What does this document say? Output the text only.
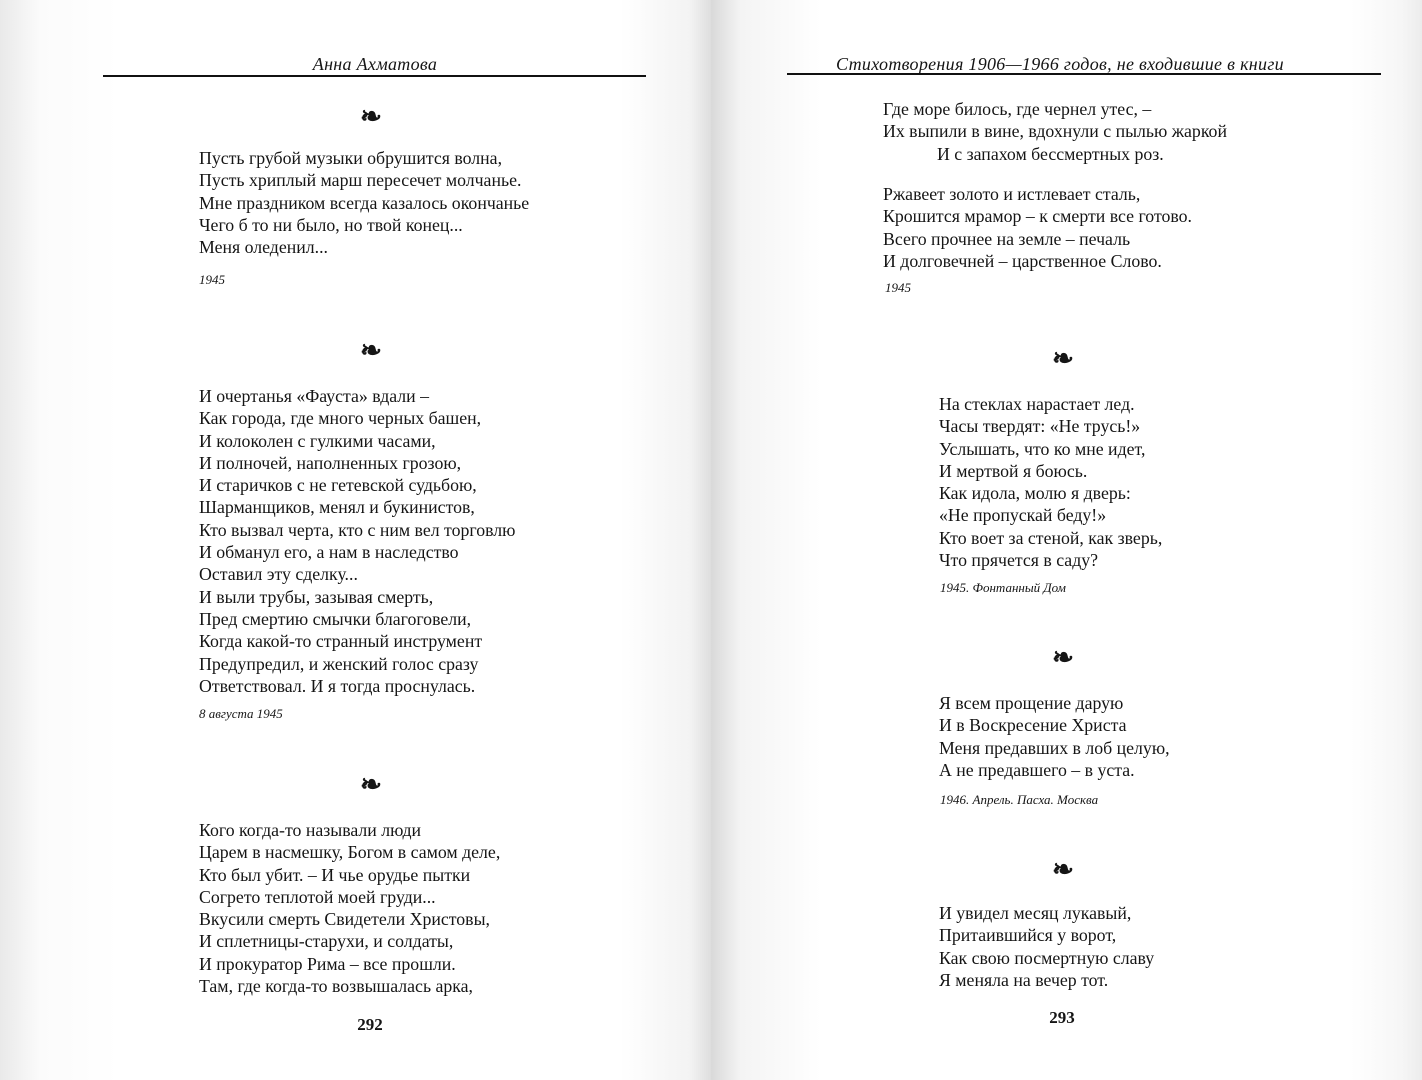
Анна Ахматова
❧
Пусть грубой музыки обрушится волна,
Пусть хриплый марш пересечет молчанье.
Мне праздником всегда казалось окончанье
Чего б то ни было, но твой конец...
Меня оледенил...
1945
❧
И очертанья «Фауста» вдали –
Как города, где много черных башен,
И колоколен с гулкими часами,
И полночей, наполненных грозою,
И старичков с не гетевской судьбою,
Шарманщиков, менял и букинистов,
Кто вызвал черта, кто с ним вел торговлю
И обманул его, а нам в наследство
Оставил эту сделку...
И выли трубы, зазывая смерть,
Пред смертию смычки благоговели,
Когда какой-то странный инструмент
Предупредил, и женский голос сразу
Ответствовал. И я тогда проснулась.
8 августа 1945
❧
Кого когда-то называли люди
Царем в насмешку, Богом в самом деле,
Кто был убит. – И чье орудье пытки
Согрето теплотой моей груди...
Вкусили смерть Свидетели Христовы,
И сплетницы-старухи, и солдаты,
И прокуратор Рима – все прошли.
Там, где когда-то возвышалась арка,
292
Стихотворения 1906—1966 годов, не входившие в книги
Где море билось, где чернел утес, –
Их выпили в вине, вдохнули с пылью жаркой
И с запахом бессмертных роз.
Ржавеет золото и истлевает сталь,
Крошится мрамор – к смерти все готово.
Всего прочнее на земле – печаль
И долговечней – царственное Слово.
1945
❧
На стеклах нарастает лед.
Часы твердят: «Не трусь!»
Услышать, что ко мне идет,
И мертвой я боюсь.
Как идола, молю я дверь:
«Не пропускай беду!»
Кто воет за стеной, как зверь,
Что прячется в саду?
1945. Фонтанный Дом
❧
Я всем прощение дарую
И в Воскресение Христа
Меня предавших в лоб целую,
А не предавшего – в уста.
1946. Апрель. Пасха. Москва
❧
И увидел месяц лукавый,
Притаившийся у ворот,
Как свою посмертную славу
Я меняла на вечер тот.
293
